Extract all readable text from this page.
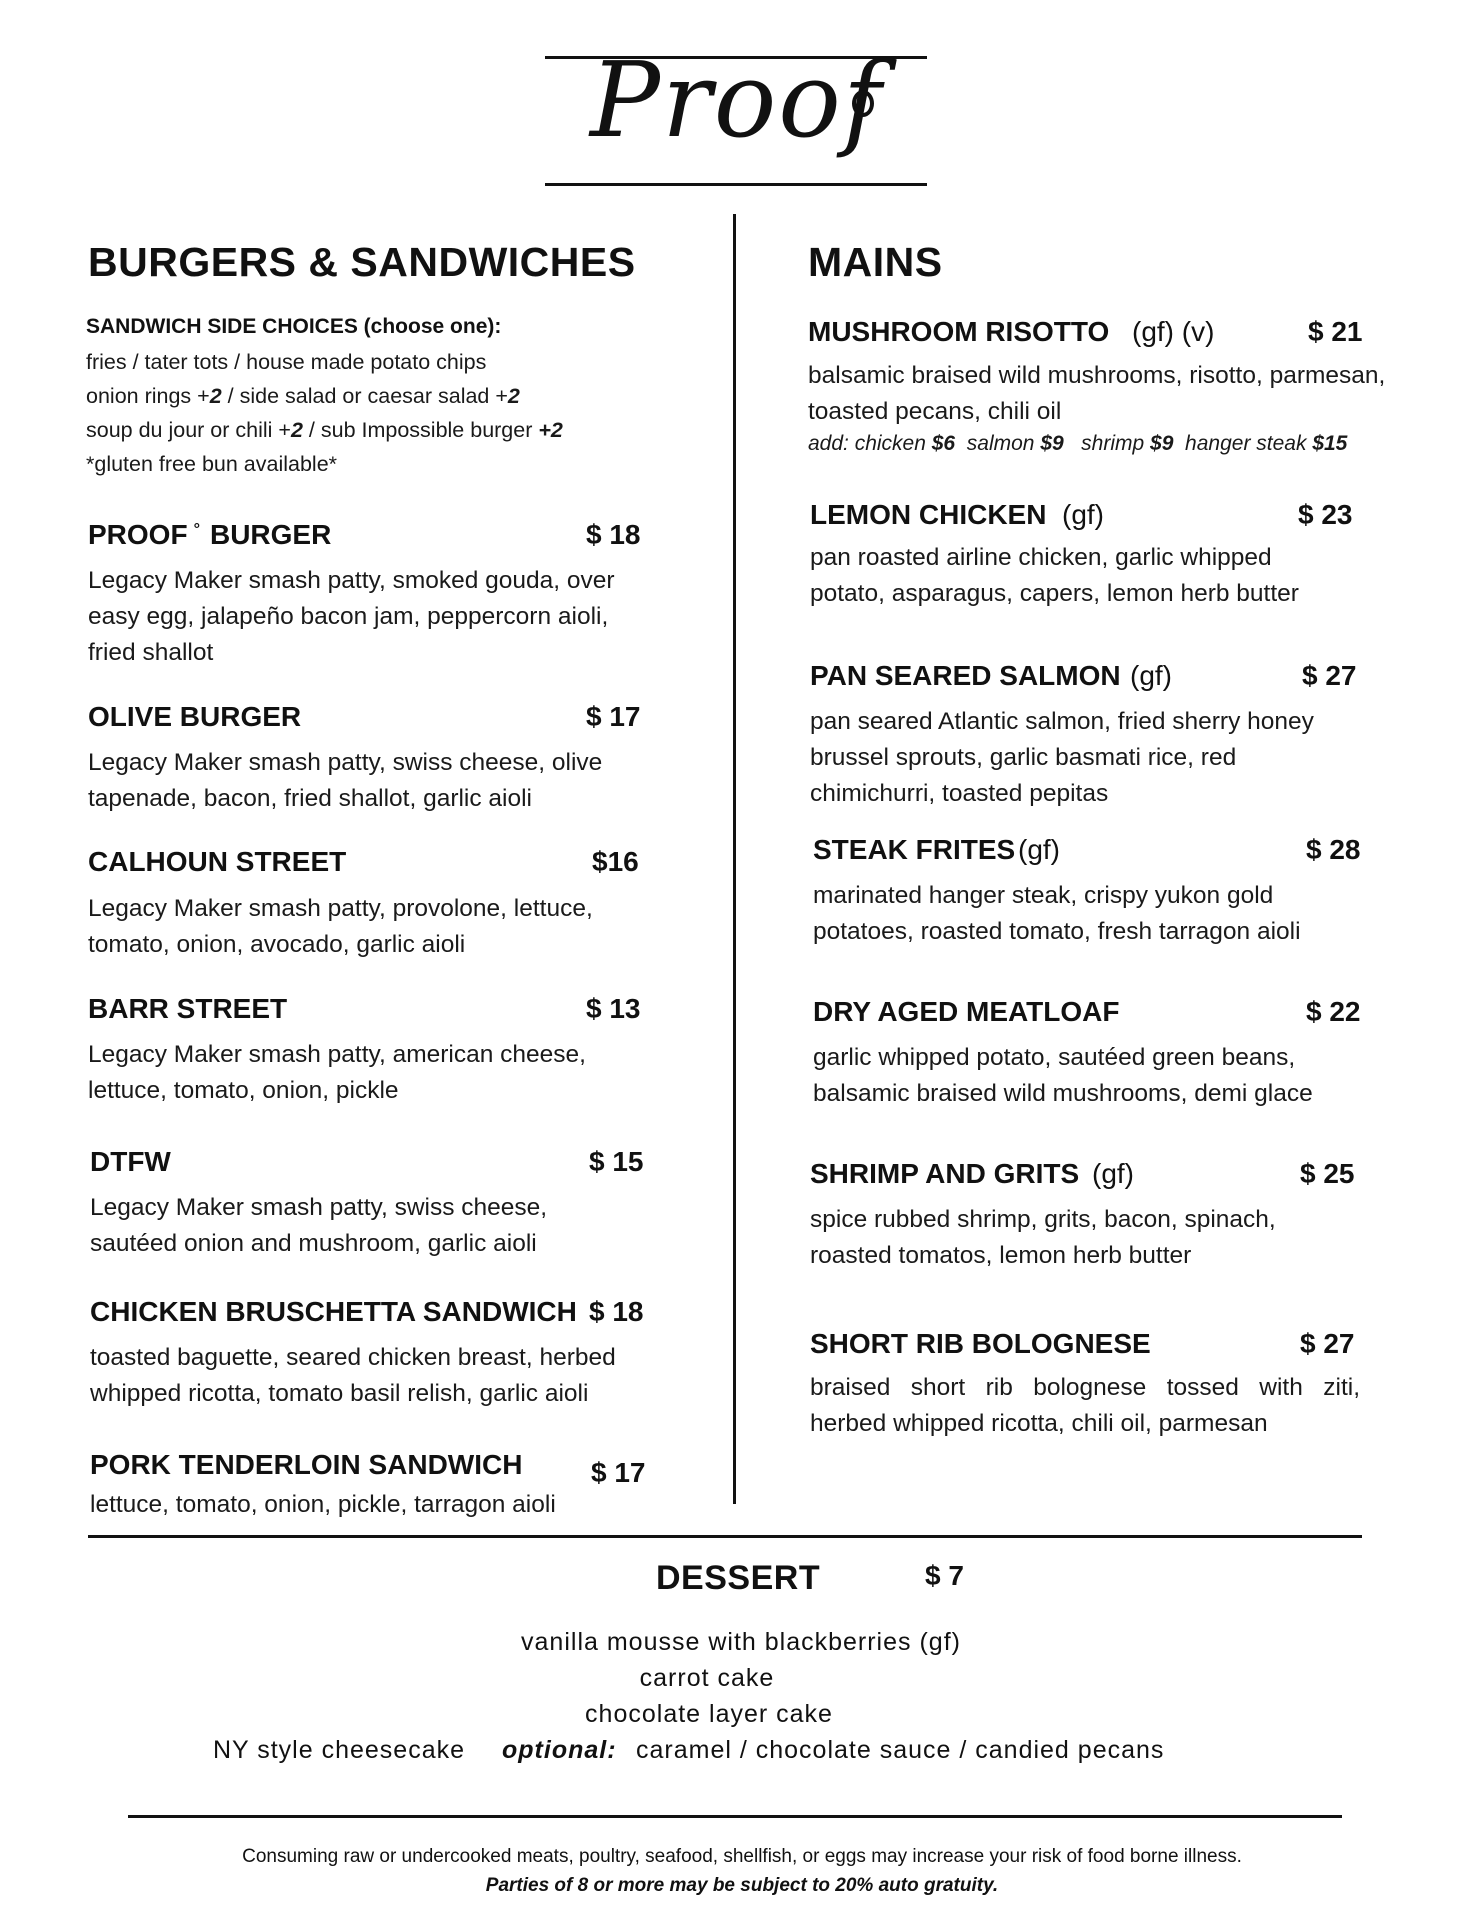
Proof
BURGERS & SANDWICHES
SANDWICH SIDE CHOICES (choose one):
fries / tater tots / house made potato chips
onion rings +2 / side salad or caesar salad +2
soup du jour or chili +2 / sub Impossible burger +2
*gluten free bun available*
PROOF ° BURGER	$ 18
Legacy Maker smash patty, smoked gouda, over
easy egg, jalapeño bacon jam, peppercorn aioli,
fried shallot
OLIVE BURGER	$ 17
Legacy Maker smash patty, swiss cheese, olive
tapenade, bacon, fried shallot, garlic aioli
CALHOUN STREET	$16
Legacy Maker smash patty, provolone, lettuce,
tomato, onion, avocado, garlic aioli
BARR STREET	$ 13
Legacy Maker smash patty, american cheese,
lettuce, tomato, onion, pickle
DTFW	$ 15
Legacy Maker smash patty, swiss cheese,
sautéed onion and mushroom, garlic aioli
CHICKEN BRUSCHETTA SANDWICH $ 18
toasted baguette, seared chicken breast, herbed
whipped ricotta, tomato basil relish, garlic aioli
PORK TENDERLOIN SANDWICH $ 17
lettuce, tomato, onion, pickle, tarragon aioli
MAINS
MUSHROOM RISOTTO (gf) (v)	$ 21
balsamic braised wild mushrooms, risotto, parmesan,
toasted pecans, chili oil
add: chicken $6  salmon $9   shrimp $9  hanger steak $15
LEMON CHICKEN (gf)	$ 23
pan roasted airline chicken, garlic whipped
potato, asparagus, capers, lemon herb butter
PAN SEARED SALMON (gf)	$ 27
pan seared Atlantic salmon, fried sherry honey
brussel sprouts, garlic basmati rice, red
chimichurri, toasted pepitas
STEAK FRITES (gf)	$ 28
marinated hanger steak, crispy yukon gold
potatoes, roasted tomato, fresh tarragon aioli
DRY AGED MEATLOAF	$ 22
garlic whipped potato, sautéed green beans,
balsamic braised wild mushrooms, demi glace
SHRIMP AND GRITS (gf)	$ 25
spice rubbed shrimp, grits, bacon, spinach,
roasted tomatos, lemon herb butter
SHORT RIB BOLOGNESE	$ 27
braised short rib bolognese tossed with ziti,
herbed whipped ricotta, chili oil, parmesan
DESSERT	$ 7
vanilla mousse with blackberries (gf)
carrot cake
chocolate layer cake

NY style cheesecake

optional:

caramel / chocolate sauce / candied pecans

Consuming raw or undercooked meats, poultry, seafood, shellfish, or eggs may increase your risk of food borne illness.
Parties of 8 or more may be subject to 20% auto gratuity.
